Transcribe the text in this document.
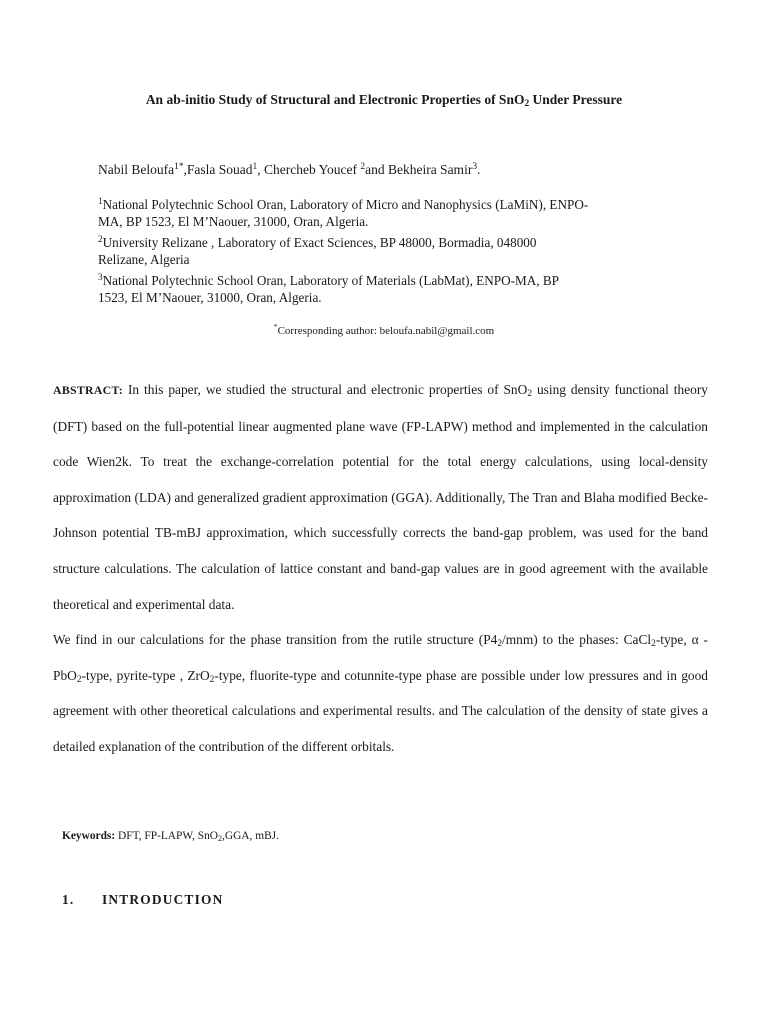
An ab-initio Study of Structural and Electronic Properties of SnO$_2$ Under Pressure
Nabil Beloufa$^{1*}$,Fasla Souad$^1$, Chercheb Youcef $^2$and Bekheira Samir$^3$.
$^1$National Polytechnic School Oran, Laboratory of Micro and Nanophysics (LaMiN), ENPO-
MA, BP 1523, El M’Naouer, 31000, Oran, Algeria.
$^2$University Relizane , Laboratory of Exact Sciences, BP 48000, Bormadia, 048000
Relizane, Algeria
$^3$National Polytechnic School Oran, Laboratory of Materials (LabMat), ENPO-MA, BP
1523, El M’Naouer, 31000, Oran, Algeria.
*Corresponding author: beloufa.nabil@gmail.com
ABSTRACT: In this paper, we studied the structural and electronic properties of SnO$_2$ using density functional theory (DFT) based on the full-potential linear augmented plane wave (FP-LAPW) method and implemented in the calculation code Wien2k. To treat the exchange-correlation potential for the total energy calculations, using local-density approximation (LDA) and generalized gradient approximation (GGA). Additionally, The Tran and Blaha modified Becke-Johnson potential TB-mBJ approximation, which successfully corrects the band-gap problem, was used for the band structure calculations. The calculation of lattice constant and band-gap values are in good agreement with the available theoretical and experimental data.
We find in our calculations for the phase transition from the rutile structure $(P4_2/mnm)$ to the phases: CaCl$_2$-type, α -PbO$_2$-type, pyrite-type , ZrO$_2$-type, fluorite-type and cotunnite-type phase are possible under low pressures and in good agreement with other theoretical calculations and experimental results. and The calculation of the density of state gives a detailed explanation of the contribution of the different orbitals.
Keywords: DFT, FP-LAPW, SnO$_2$,GGA, mBJ.
1. INTRODUCTION
